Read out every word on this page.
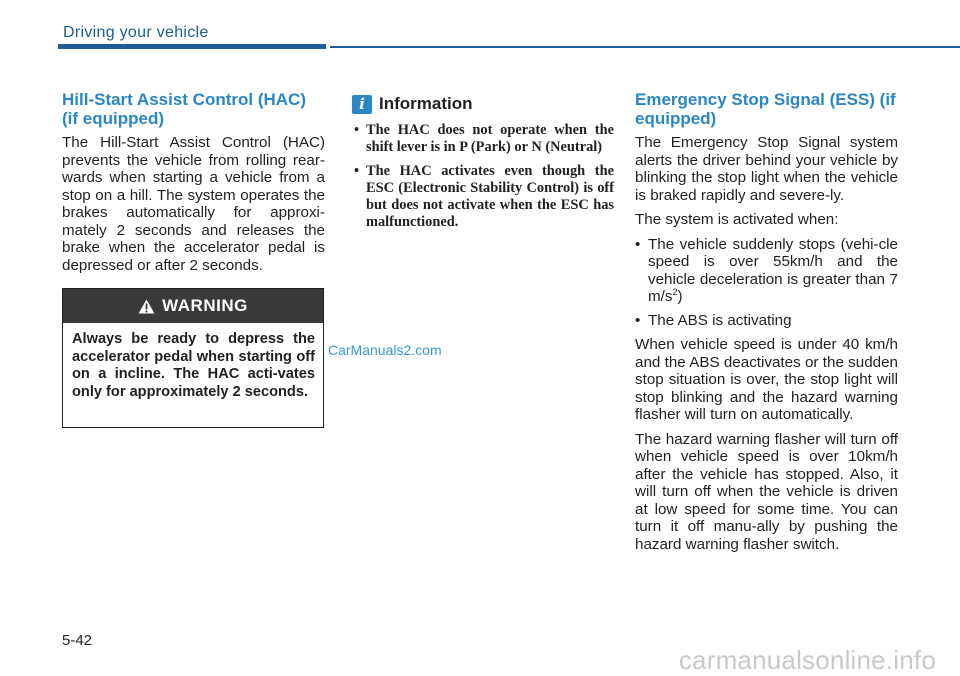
Driving your vehicle
Hill-Start Assist Control (HAC) (if equipped)

The Hill-Start Assist Control (HAC) prevents the vehicle from rolling rear-wards when starting a vehicle from a stop on a hill. The system operates the brakes automatically for approxi-mately 2 seconds and releases the brake when the accelerator pedal is depressed or after 2 seconds.

WARNING
Always be ready to depress the accelerator pedal when starting off on a incline. The HAC acti-vates only for approximately 2 seconds.
i Information
• The HAC does not operate when the shift lever is in P (Park) or N (Neutral)
• The HAC activates even though the ESC (Electronic Stability Control) is off but does not activate when the ESC has malfunctioned.
CarManuals2.com
Emergency Stop Signal (ESS) (if equipped)

The Emergency Stop Signal system alerts the driver behind your vehicle by blinking the stop light when the vehicle is braked rapidly and severe-ly.

The system is activated when:

• The vehicle suddenly stops (vehi-cle speed is over 55km/h and the vehicle deceleration is greater than 7 $m/s^2$)
• The ABS is activating

When vehicle speed is under 40 km/h and the ABS deactivates or the sudden stop situation is over, the stop light will stop blinking and the hazard warning flasher will turn on automatically.

The hazard warning flasher will turn off when vehicle speed is over 10km/h after the vehicle has stopped. Also, it will turn off when the vehicle is driven at low speed for some time. You can turn it off manu-ally by pushing the hazard warning flasher switch.

5-42
carmanualsonline.info
